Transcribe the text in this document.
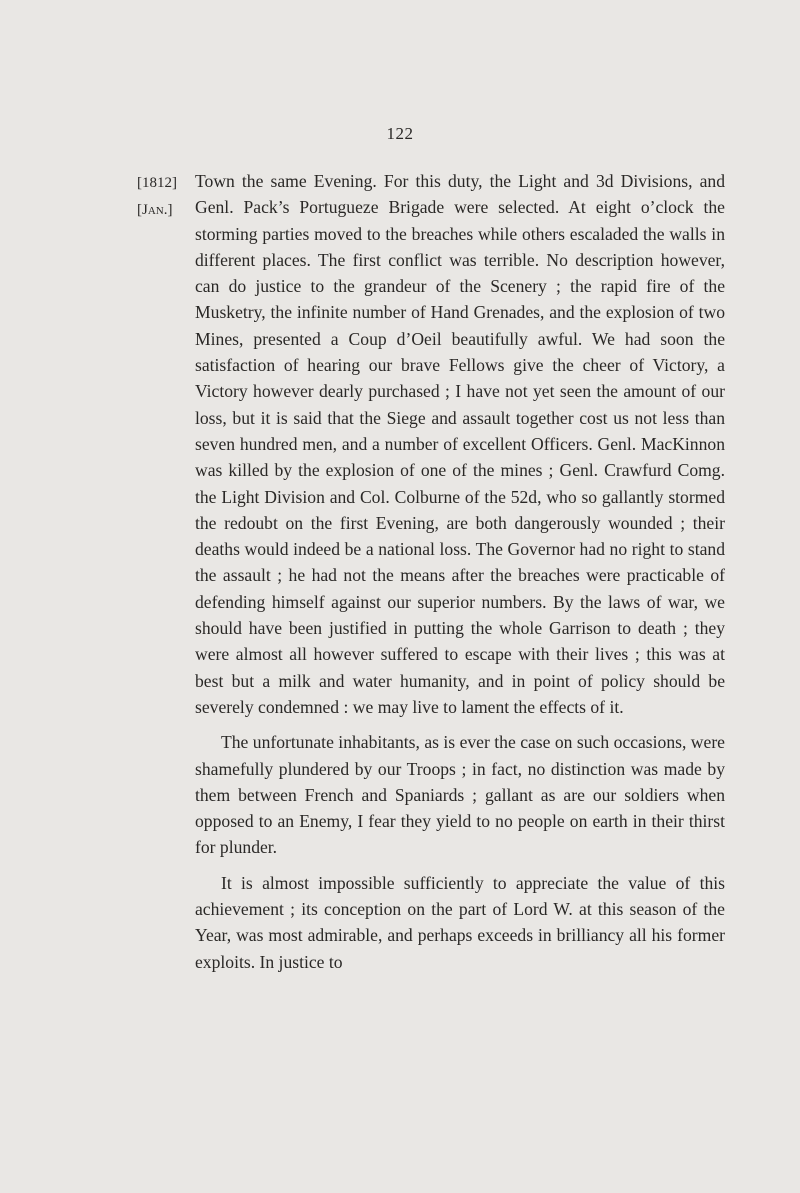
122
[1812]
[Jan.]

Town the same Evening. For this duty, the Light and 3d Divisions, and Genl. Pack’s Portugueze Brigade were selected. At eight o’clock the storming parties moved to the breaches while others escaladed the walls in different places. The first conflict was terrible. No description however, can do justice to the grandeur of the Scenery ; the rapid fire of the Musketry, the infinite number of Hand Grenades, and the explosion of two Mines, presented a Coup d’Oeil beautifully awful. We had soon the satisfaction of hearing our brave Fellows give the cheer of Victory, a Victory however dearly purchased ; I have not yet seen the amount of our loss, but it is said that the Siege and assault together cost us not less than seven hundred men, and a number of excellent Officers. Genl. MacKinnon was killed by the explosion of one of the mines ; Genl. Crawfurd Comg. the Light Division and Col. Colburne of the 52d, who so gallantly stormed the redoubt on the first Evening, are both dangerously wounded ; their deaths would indeed be a national loss. The Governor had no right to stand the assault ; he had not the means after the breaches were practicable of defending himself against our superior numbers. By the laws of war, we should have been justified in putting the whole Garrison to death ; they were almost all however suffered to escape with their lives ; this was at best but a milk and water humanity, and in point of policy should be severely condemned : we may live to lament the effects of it.

The unfortunate inhabitants, as is ever the case on such occasions, were shamefully plundered by our Troops ; in fact, no distinction was made by them between French and Spaniards ; gallant as are our soldiers when opposed to an Enemy, I fear they yield to no people on earth in their thirst for plunder.

It is almost impossible sufficiently to appreciate the value of this achievement ; its conception on the part of Lord W. at this season of the Year, was most admirable, and perhaps exceeds in brilliancy all his former exploits. In justice to
